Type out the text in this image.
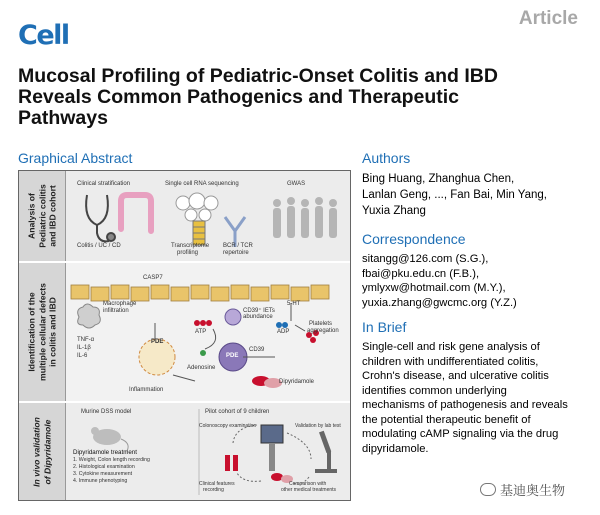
Cell
Article
Mucosal Profiling of Pediatric-Onset Colitis and IBD
Reveals Common Pathogenics and Therapeutic
Pathways
Graphical Abstract
Analysis of Pediatric colitis and IBD cohort
Clinical stratification	Single cell RNA sequencing	GWAS
Colitis / UC / CD	Transcriptome
profiling
BCR / TCR
repertoire
Identification of the multiple cellular defects in colitis and IBD
CASP7
Macrophage
infiltration	CD39⁺ IETs
abundance
5-HT
ATP	ADP
Platelets
aggregation
TNF-α
IL-1β
IL-6
PDE
PDE
CD39
Adenosine
Inflammation
Dipyridamole
In vivo validation of Dipyridamole
Murine DSS model	Pilot cohort of 9 children
Colonoscopy examination	Validation by lab test
Dipyridamole treatment
1. Weight, Colon length recording
2. Histological examination
3. Cytokine measurement
4. Immune phenotyping	Clinical features
recording
Comparison with
other medical treatments
Authors
Bing Huang, Zhanghua Chen,
Lanlan Geng, ..., Fan Bai, Min Yang,
Yuxia Zhang
Correspondence
sitangg@126.com (S.G.),
fbai@pku.edu.cn (F.B.),
ymlyxw@hotmail.com (M.Y.),
yuxia.zhang@gwcmc.org (Y.Z.)
In Brief
Single-cell and risk gene analysis of
children with undifferentiated colitis,
Crohn's disease, and ulcerative colitis
identifies common underlying
mechanisms of pathogenesis and reveals
the potential therapeutic benefit of
modulating cAMP signaling via the drug
dipyridamole.
基迪奥生物
